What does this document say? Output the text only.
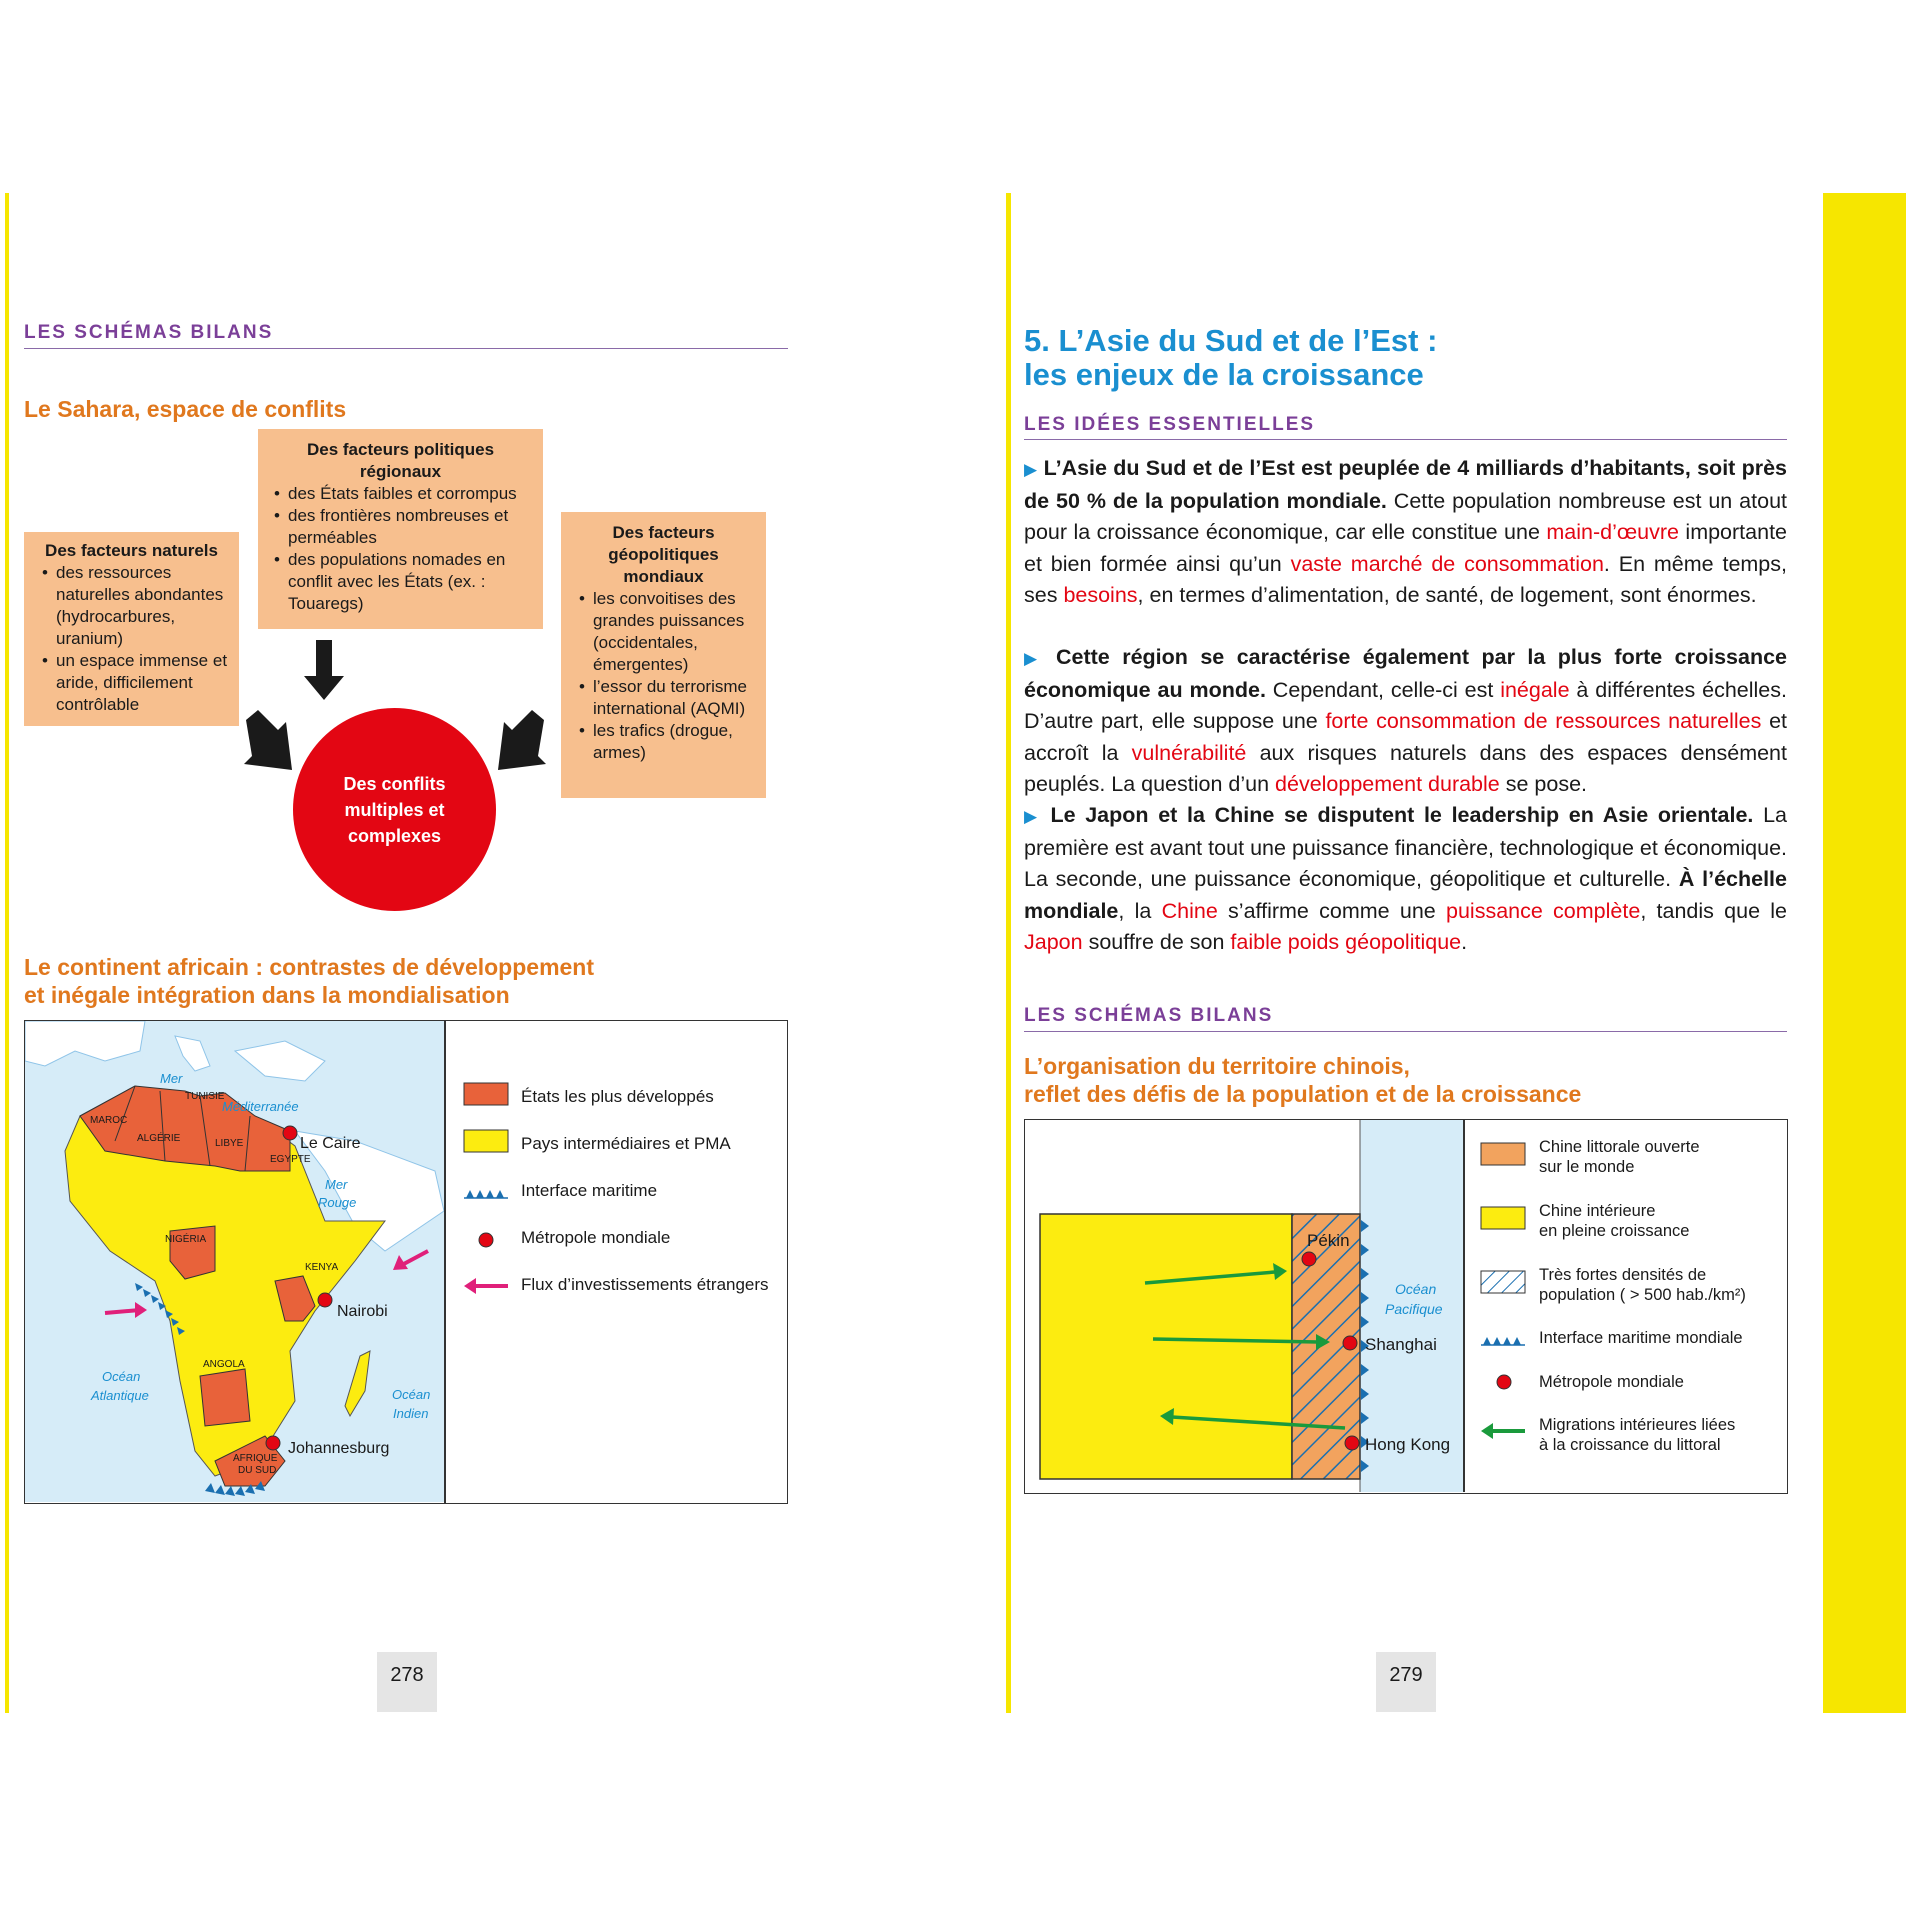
LES SCHÉMAS BILANS
Le Sahara, espace de conflits
Des facteurs naturels
• des ressources naturelles abondantes (hydrocarbures, uranium)
• un espace immense et aride, difficilement contrôlable
Des facteurs politiques régionaux
• des États faibles et corrompus
• des frontières nombreuses et perméables
• des populations nomades en conflit avec les États (ex. : Touaregs)
Des facteurs géopolitiques mondiaux
• les convoitises des grandes puissances (occidentales, émergentes)
• l’essor du terrorisme international (AQMI)
• les trafics (drogue, armes)
Des conflits multiples et complexes
Le continent africain : contrastes de développement
et inégale intégration dans la mondialisation
Mer
Méditerranée
MAROC
TUNISIE
ALGÉRIE	LIBYE
EGYPTE
Le Caire
Mer
Rouge
NIGÉRIA
KENYA
Nairobi
ANGOLA
AFRIQUE
DU SUD
Johannesburg
Océan
Atlantique	Océan
Indien
États les plus développés
Pays intermédiaires et PMA
Interface maritime
Métropole mondiale
Flux d’investissements étrangers
278
5. L’Asie du Sud et de l’Est :
les enjeux de la croissance
LES IDÉES ESSENTIELLES
▶ L’Asie du Sud et de l’Est est peuplée de 4 milliards d’habitants, soit près de 50 % de la population mondiale. Cette population nombreuse est un atout pour la croissance économique, car elle constitue une main-d’œuvre importante et bien formée ainsi qu’un vaste marché de consommation. En même temps, ses besoins, en termes d’alimentation, de santé, de logement, sont énormes.
▶ Cette région se caractérise également par la plus forte croissance économique au monde. Cependant, celle-ci est inégale à différentes échelles. D’autre part, elle suppose une forte consommation de ressources naturelles et accroît la vulnérabilité aux risques naturels dans des espaces densément peuplés. La question d’un développement durable se pose.
▶ Le Japon et la Chine se disputent le leadership en Asie orientale. La première est avant tout une puissance financière, technologique et économique. La seconde, une puissance économique, géopolitique et culturelle. À l’échelle mondiale, la Chine s’affirme comme une puissance complète, tandis que le Japon souffre de son faible poids géopolitique.
LES SCHÉMAS BILANS
L’organisation du territoire chinois,
reflet des défis de la population et de la croissance
Pékin
Shanghai
Hong Kong
Océan
Pacifique
Chine littorale ouverte
sur le monde
Chine intérieure
en pleine croissance
Très fortes densités de
population ( > 500 hab./km²)
Interface maritime mondiale
Métropole mondiale
Migrations intérieures liées
à la croissance du littoral
279
